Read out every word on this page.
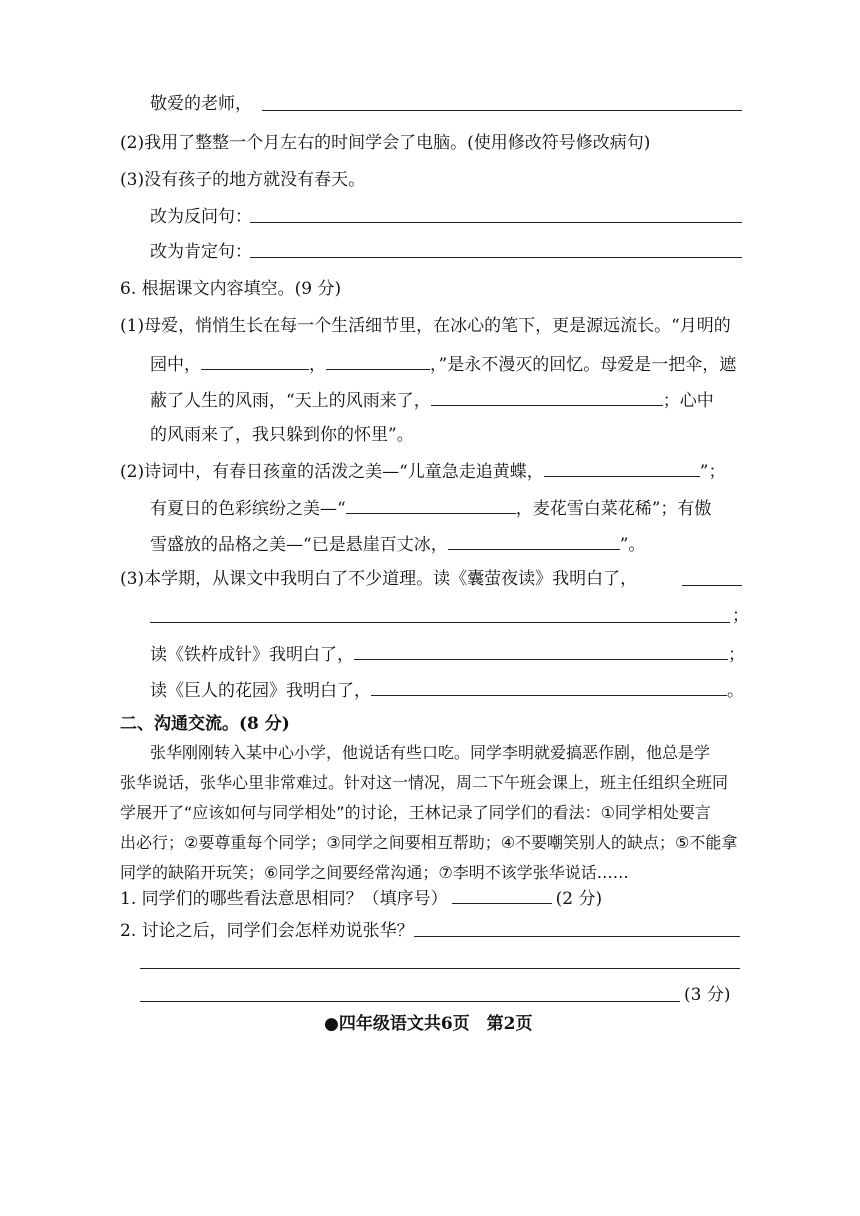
敬爱的老师，
(2)我用了整整一个月左右的时间学会了电脑。(使用修改符号修改病句)
(3)没有孩子的地方就没有春天。
改为反问句：
改为肯定句：
6. 根据课文内容填空。(9 分)
(1)母爱，悄悄生长在每一个生活细节里，在冰心的笔下，更是源远流长。“月明的
园中，	，	，”是永不漫灭的回忆。母爱是一把伞，遮
蔽了人生的风雨，“天上的风雨来了，	；心中
的风雨来了，我只躲到你的怀里”。
(2)诗词中，有春日孩童的活泼之美—“儿童急走追黄蝶，	”；
有夏日的色彩缤纷之美—“	，麦花雪白菜花稀”；有傲
雪盛放的品格之美—“已是悬崖百丈冰，	”。
(3)本学期，从课文中我明白了不少道理。读《囊萤夜读》我明白了，
；
读《铁杵成针》我明白了，	；
读《巨人的花园》我明白了，	。
二、沟通交流。(8 分)
张华刚刚转入某中心小学，他说话有些口吃。同学李明就爱搞恶作剧，他总是学
张华说话，张华心里非常难过。针对这一情况，周二下午班会课上，班主任组织全班同
学展开了“应该如何与同学相处”的讨论，王林记录了同学们的看法：①同学相处要言
出必行；②要尊重每个同学；③同学之间要相互帮助；④不要嘲笑别人的缺点；⑤不能拿
同学的缺陷开玩笑；⑥同学之间要经常沟通；⑦李明不该学张华说话……
1. 同学们的哪些看法意思相同？（填序号）	(2 分)
2. 讨论之后，同学们会怎样劝说张华？
(3 分)
●四年级语文共6页　第2页
